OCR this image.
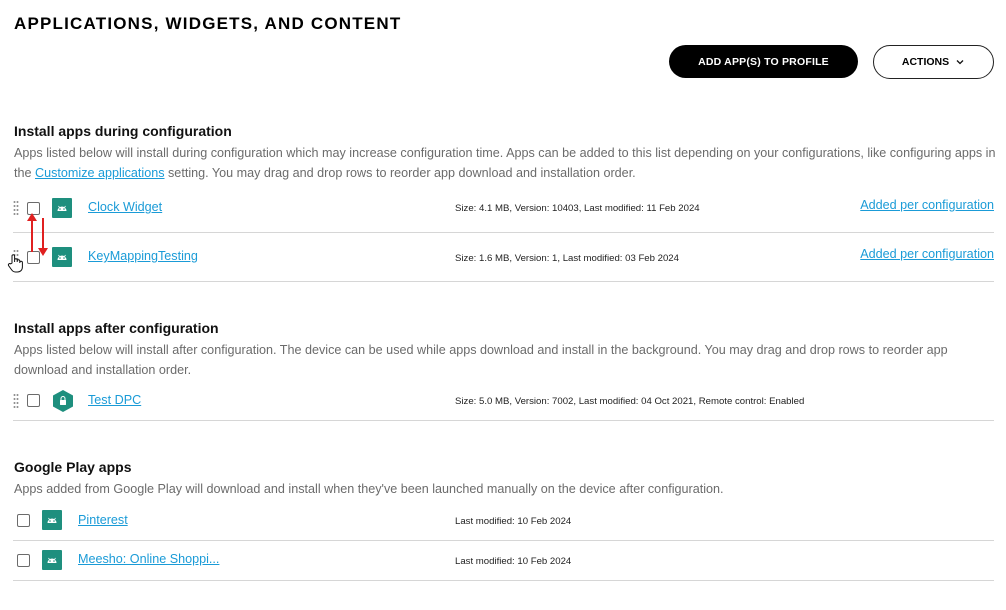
APPLICATIONS, WIDGETS, AND CONTENT
ADD APP(S) TO PROFILE	ACTIONS
Install apps during configuration
Apps listed below will install during configuration which may increase configuration time. Apps can be added to this list depending on your configurations, like configuring apps in the Customize applications setting. You may drag and drop rows to reorder app download and installation order.
Clock Widget	Size: 4.1 MB, Version: 10403, Last modified: 11 Feb 2024	Added per configuration
KeyMappingTesting	Size: 1.6 MB, Version: 1, Last modified: 03 Feb 2024	Added per configuration
Install apps after configuration
Apps listed below will install after configuration. The device can be used while apps download and install in the background. You may drag and drop rows to reorder app download and installation order.
Test DPC	Size: 5.0 MB, Version: 7002, Last modified: 04 Oct 2021, Remote control: Enabled
Google Play apps
Apps added from Google Play will download and install when they've been launched manually on the device after configuration.
Pinterest	Last modified: 10 Feb 2024
Meesho: Online Shoppi...	Last modified: 10 Feb 2024
